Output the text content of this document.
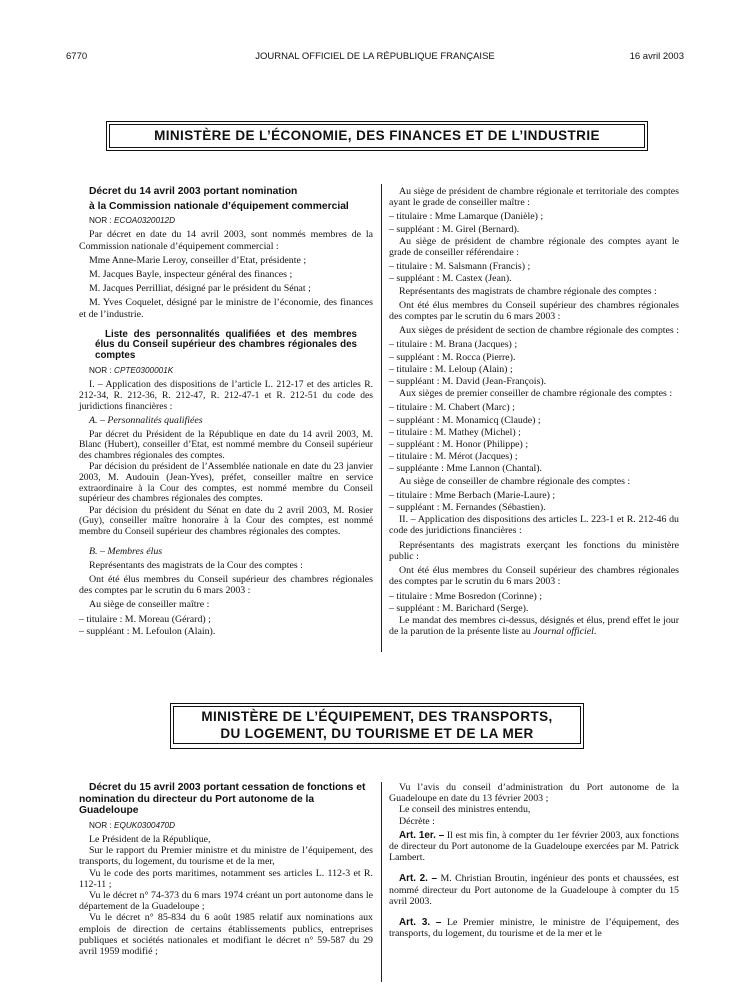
6770	JOURNAL OFFICIEL DE LA RÉPUBLIQUE FRANÇAISE	16 avril 2003
MINISTÈRE DE L’ÉCONOMIE, DES FINANCES ET DE L’INDUSTRIE

Décret du 14 avril 2003 portant nomination

à la Commission nationale d’équipement commercial

NOR : ECOA0320012D

Par décret en date du 14 avril 2003, sont nommés membres de la Commission nationale d’équipement commercial :

Mme Anne-Marie Leroy, conseiller d’Etat, présidente ;

M. Jacques Bayle, inspecteur général des finances ;

M. Jacques Perrilliat, désigné par le président du Sénat ;

M. Yves Coquelet, désigné par le ministre de l’économie, des finances et de l’industrie.

Liste des personnalités qualifiées et des membres élus du Conseil supérieur des chambres régionales des comptes

NOR : CPTE0300001K

I. – Application des dispositions de l’article L. 212-17 et des articles R. 212-34, R. 212-36, R. 212-47, R. 212-47-1 et R. 212-51 du code des juridictions financières :

A. – Personnalités qualifiées

Par décret du Président de la République en date du 14 avril 2003, M. Blanc (Hubert), conseiller d’Etat, est nommé membre du Conseil supérieur des chambres régionales des comptes.

Par décision du président de l’Assemblée nationale en date du 23 janvier 2003, M. Audouin (Jean-Yves), préfet, conseiller maître en service extraordinaire à la Cour des comptes, est nommé membre du Conseil supérieur des chambres régionales des comptes.

Par décision du président du Sénat en date du 2 avril 2003, M. Rosier (Guy), conseiller maître honoraire à la Cour des comptes, est nommé membre du Conseil supérieur des chambres régionales des comptes.

B. – Membres élus

Représentants des magistrats de la Cour des comptes :

Ont été élus membres du Conseil supérieur des chambres régionales des comptes par le scrutin du 6 mars 2003 :

Au siège de conseiller maître :

– titulaire : M. Moreau (Gérard) ;

– suppléant : M. Lefoulon (Alain).

Au siège de président de chambre régionale et territoriale des comptes ayant le grade de conseiller maître :

– titulaire : Mme Lamarque (Danièle) ;

– suppléant : M. Girel (Bernard).

Au siège de président de chambre régionale des comptes ayant le grade de conseiller référendaire :

– titulaire : M. Salsmann (Francis) ;

– suppléant : M. Castex (Jean).

Représentants des magistrats de chambre régionale des comptes :

Ont été élus membres du Conseil supérieur des chambres régionales des comptes par le scrutin du 6 mars 2003 :

Aux sièges de président de section de chambre régionale des comptes :

– titulaire : M. Brana (Jacques) ;

– suppléant : M. Rocca (Pierre).

– titulaire : M. Leloup (Alain) ;

– suppléant : M. David (Jean-François).

Aux sièges de premier conseiller de chambre régionale des comptes :

– titulaire : M. Chabert (Marc) ;

– suppléant : M. Monamicq (Claude) ;

– titulaire : M. Mathey (Michel) ;

– suppléant : M. Honor (Philippe) ;

– titulaire : M. Mérot (Jacques) ;

– suppléante : Mme Lannon (Chantal).

Au siège de conseiller de chambre régionale des comptes :

– titulaire : Mme Berbach (Marie-Laure) ;

– suppléant : M. Fernandes (Sébastien).

II. – Application des dispositions des articles L. 223-1 et R. 212-46 du code des juridictions financières :

Représentants des magistrats exerçant les fonctions du ministère public :

Ont été élus membres du Conseil supérieur des chambres régionales des comptes par le scrutin du 6 mars 2003 :

– titulaire : Mme Bosredon (Corinne) ;

– suppléant : M. Barichard (Serge).

Le mandat des membres ci-dessus, désignés et élus, prend effet le jour de la parution de la présente liste au Journal officiel.

MINISTÈRE DE L’ÉQUIPEMENT, DES TRANSPORTS,
DU LOGEMENT, DU TOURISME ET DE LA MER

Décret du 15 avril 2003 portant cessation de fonctions et nomination du directeur du Port autonome de la Guadeloupe

NOR : EQUK0300470D

Le Président de la République,

Sur le rapport du Premier ministre et du ministre de l’équipement, des transports, du logement, du tourisme et de la mer,

Vu le code des ports maritimes, notamment ses articles L. 112-3 et R. 112-11 ;

Vu le décret n° 74-373 du 6 mars 1974 créant un port autonome dans le département de la Guadeloupe ;

Vu le décret n° 85-834 du 6 août 1985 relatif aux nominations aux emplois de direction de certains établissements publics, entreprises publiques et sociétés nationales et modifiant le décret n° 59-587 du 29 avril 1959 modifié ;

Vu l’avis du conseil d’administration du Port autonome de la Guadeloupe en date du 13 février 2003 ;

Le conseil des ministres entendu,

Décrète :

Art. 1er. – Il est mis fin, à compter du 1er février 2003, aux fonctions de directeur du Port autonome de la Guadeloupe exercées par M. Patrick Lambert.

Art. 2. – M. Christian Broutin, ingénieur des ponts et chaussées, est nommé directeur du Port autonome de la Guadeloupe à compter du 15 avril 2003.

Art. 3. – Le Premier ministre, le ministre de l’équipement, des transports, du logement, du tourisme et de la mer et le
